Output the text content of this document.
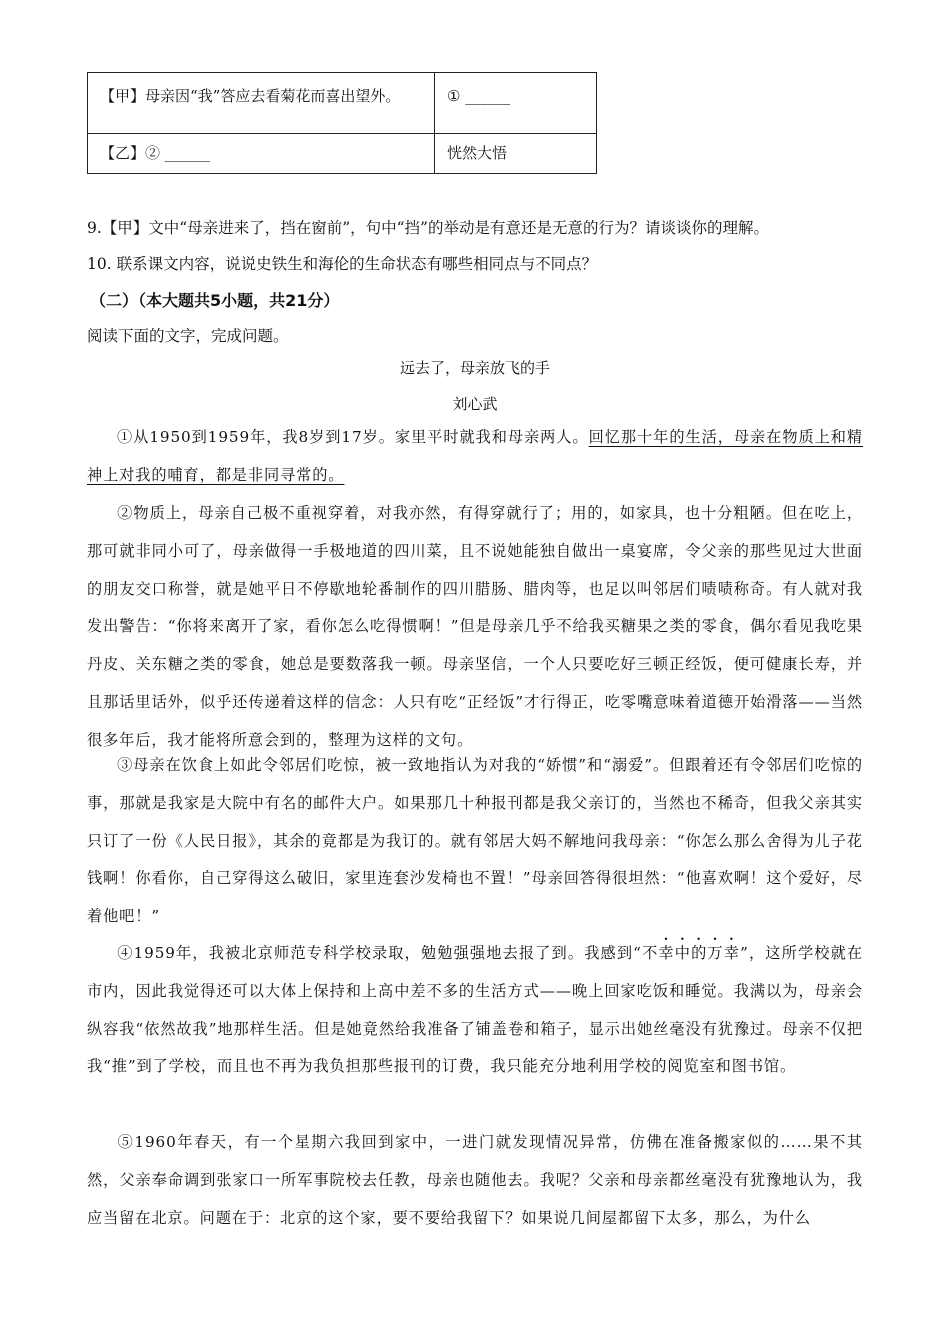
【甲】母亲因“我”答应去看菊花而喜出望外。	① ______
【乙】② ______	恍然大悟
9.【甲】文中“母亲进来了，挡在窗前”，句中“挡”的举动是有意还是无意的行为？请谈谈你的理解。
10. 联系课文内容，说说史铁生和海伦的生命状态有哪些相同点与不同点？
（二）（本大题共5小题，共21分）
阅读下面的文字，完成问题。
远去了，母亲放飞的手
刘心武
①从1950到1959年，我8岁到17岁。家里平时就我和母亲两人。回忆那十年的生活，母亲在物质上和精神上对我的哺育，都是非同寻常的。
②物质上，母亲自己极不重视穿着，对我亦然，有得穿就行了；用的，如家具，也十分粗陋。但在吃上，那可就非同小可了，母亲做得一手极地道的四川菜，且不说她能独自做出一桌宴席，令父亲的那些见过大世面的朋友交口称誉，就是她平日不停歇地轮番制作的四川腊肠、腊肉等，也足以叫邻居们啧啧称奇。有人就对我发出警告：“你将来离开了家，看你怎么吃得惯啊！”但是母亲几乎不给我买糖果之类的零食，偶尔看见我吃果丹皮、关东糖之类的零食，她总是要数落我一顿。母亲坚信，一个人只要吃好三顿正经饭，便可健康长寿，并且那话里话外，似乎还传递着这样的信念：人只有吃“正经饭”才行得正，吃零嘴意味着道德开始滑落——当然很多年后，我才能将所意会到的，整理为这样的文句。
③母亲在饮食上如此令邻居们吃惊，被一致地指认为对我的“娇惯”和“溺爱”。但跟着还有令邻居们吃惊的事，那就是我家是大院中有名的邮件大户。如果那几十种报刊都是我父亲订的，当然也不稀奇，但我父亲其实只订了一份《人民日报》，其余的竟都是为我订的。就有邻居大妈不解地问我母亲：“你怎么那么舍得为儿子花钱啊！你看你，自己穿得这么破旧，家里连套沙发椅也不置！”母亲回答得很坦然：“他喜欢啊！这个爱好，尽着他吧！”
④1959年，我被北京师范专科学校录取，勉勉强强地去报了到。我感到“不幸中的万幸”，这所学校就在市内，因此我觉得还可以大体上保持和上高中差不多的生活方式——晚上回家吃饭和睡觉。我满以为，母亲会纵容我“依然故我”地那样生活。但是她竟然给我准备了铺盖卷和箱子，显示出她丝毫没有犹豫过。母亲不仅把我“推”到了学校，而且也不再为我负担那些报刊的订费，我只能充分地利用学校的阅览室和图书馆。
⑤1960年春天，有一个星期六我回到家中，一进门就发现情况异常，仿佛在准备搬家似的……果不其然，父亲奉命调到张家口一所军事院校去任教，母亲也随他去。我呢？父亲和母亲都丝毫没有犹豫地认为，我应当留在北京。问题在于：北京的这个家，要不要给我留下？如果说几间屋都留下太多，那么，为什么
